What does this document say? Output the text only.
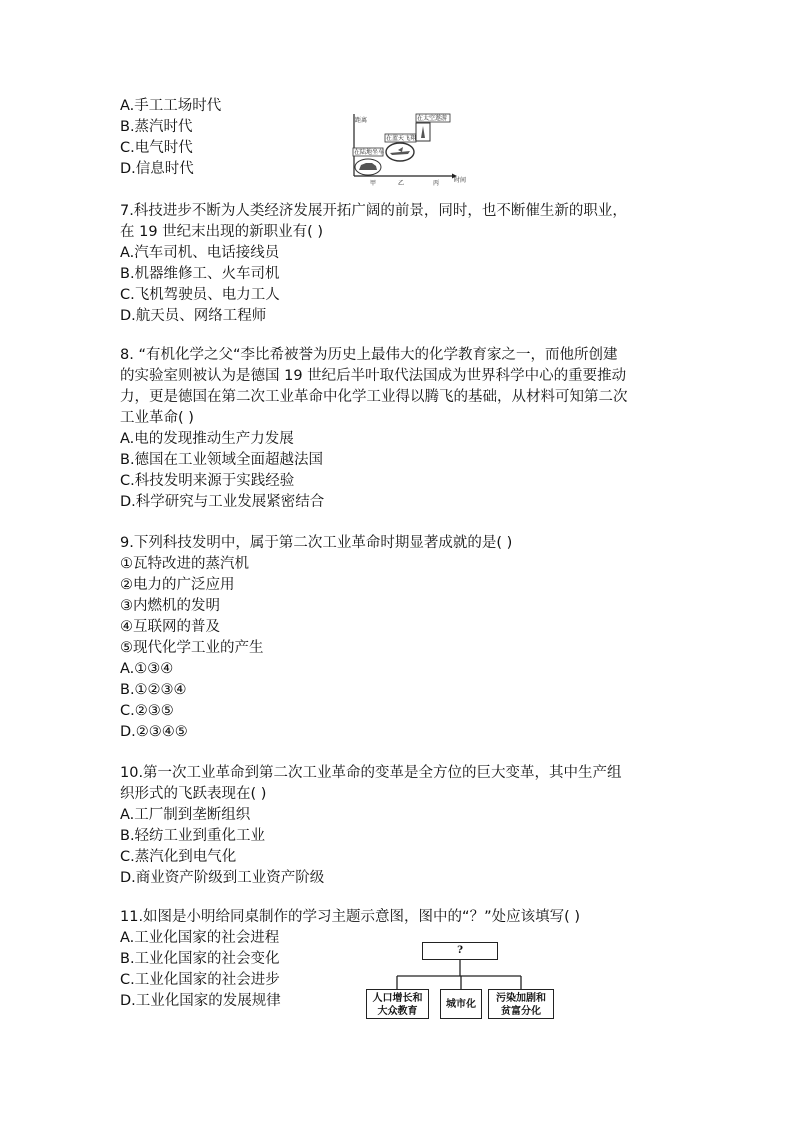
A.手工工场时代
B.蒸汽时代
C.电气时代
D.信息时代
距离
时间
甲	乙	丙
在陆地坐车
在蓝天飞翔
在太空遨游
7.科技进步不断为人类经济发展开拓广阔的前景，同时，也不断催生新的职业，
在 19 世纪末出现的新职业有( )
A.汽车司机、电话接线员
B.机器维修工、火车司机
C.飞机驾驶员、电力工人
D.航天员、网络工程师
8. “有机化学之父“李比希被誉为历史上最伟大的化学教育家之一，而他所创建
的实验室则被认为是德国 19 世纪后半叶取代法国成为世界科学中心的重要推动
力，更是德国在第二次工业革命中化学工业得以腾飞的基础，从材料可知第二次
工业革命( )
A.电的发现推动生产力发展
B.德国在工业领域全面超越法国
C.科技发明来源于实践经验
D.科学研究与工业发展紧密结合
9.下列科技发明中，属于第二次工业革命时期显著成就的是( )
①瓦特改进的蒸汽机
②电力的广泛应用
③内燃机的发明
④互联网的普及
⑤现代化学工业的产生
A.①③④
B.①②③④
C.②③⑤
D.②③④⑤
10.第一次工业革命到第二次工业革命的变革是全方位的巨大变革，其中生产组
织形式的飞跃表现在( )
A.工厂制到垄断组织
B.轻纺工业到重化工业
C.蒸汽化到电气化
D.商业资产阶级到工业资产阶级
11.如图是小明给同桌制作的学习主题示意图，图中的“？”处应该填写( )
A.工业化国家的社会进程
B.工业化国家的社会变化
C.工业化国家的社会进步
D.工业化国家的发展规律
?
人口增长和
大众教育
城市化
污染加剧和
贫富分化
